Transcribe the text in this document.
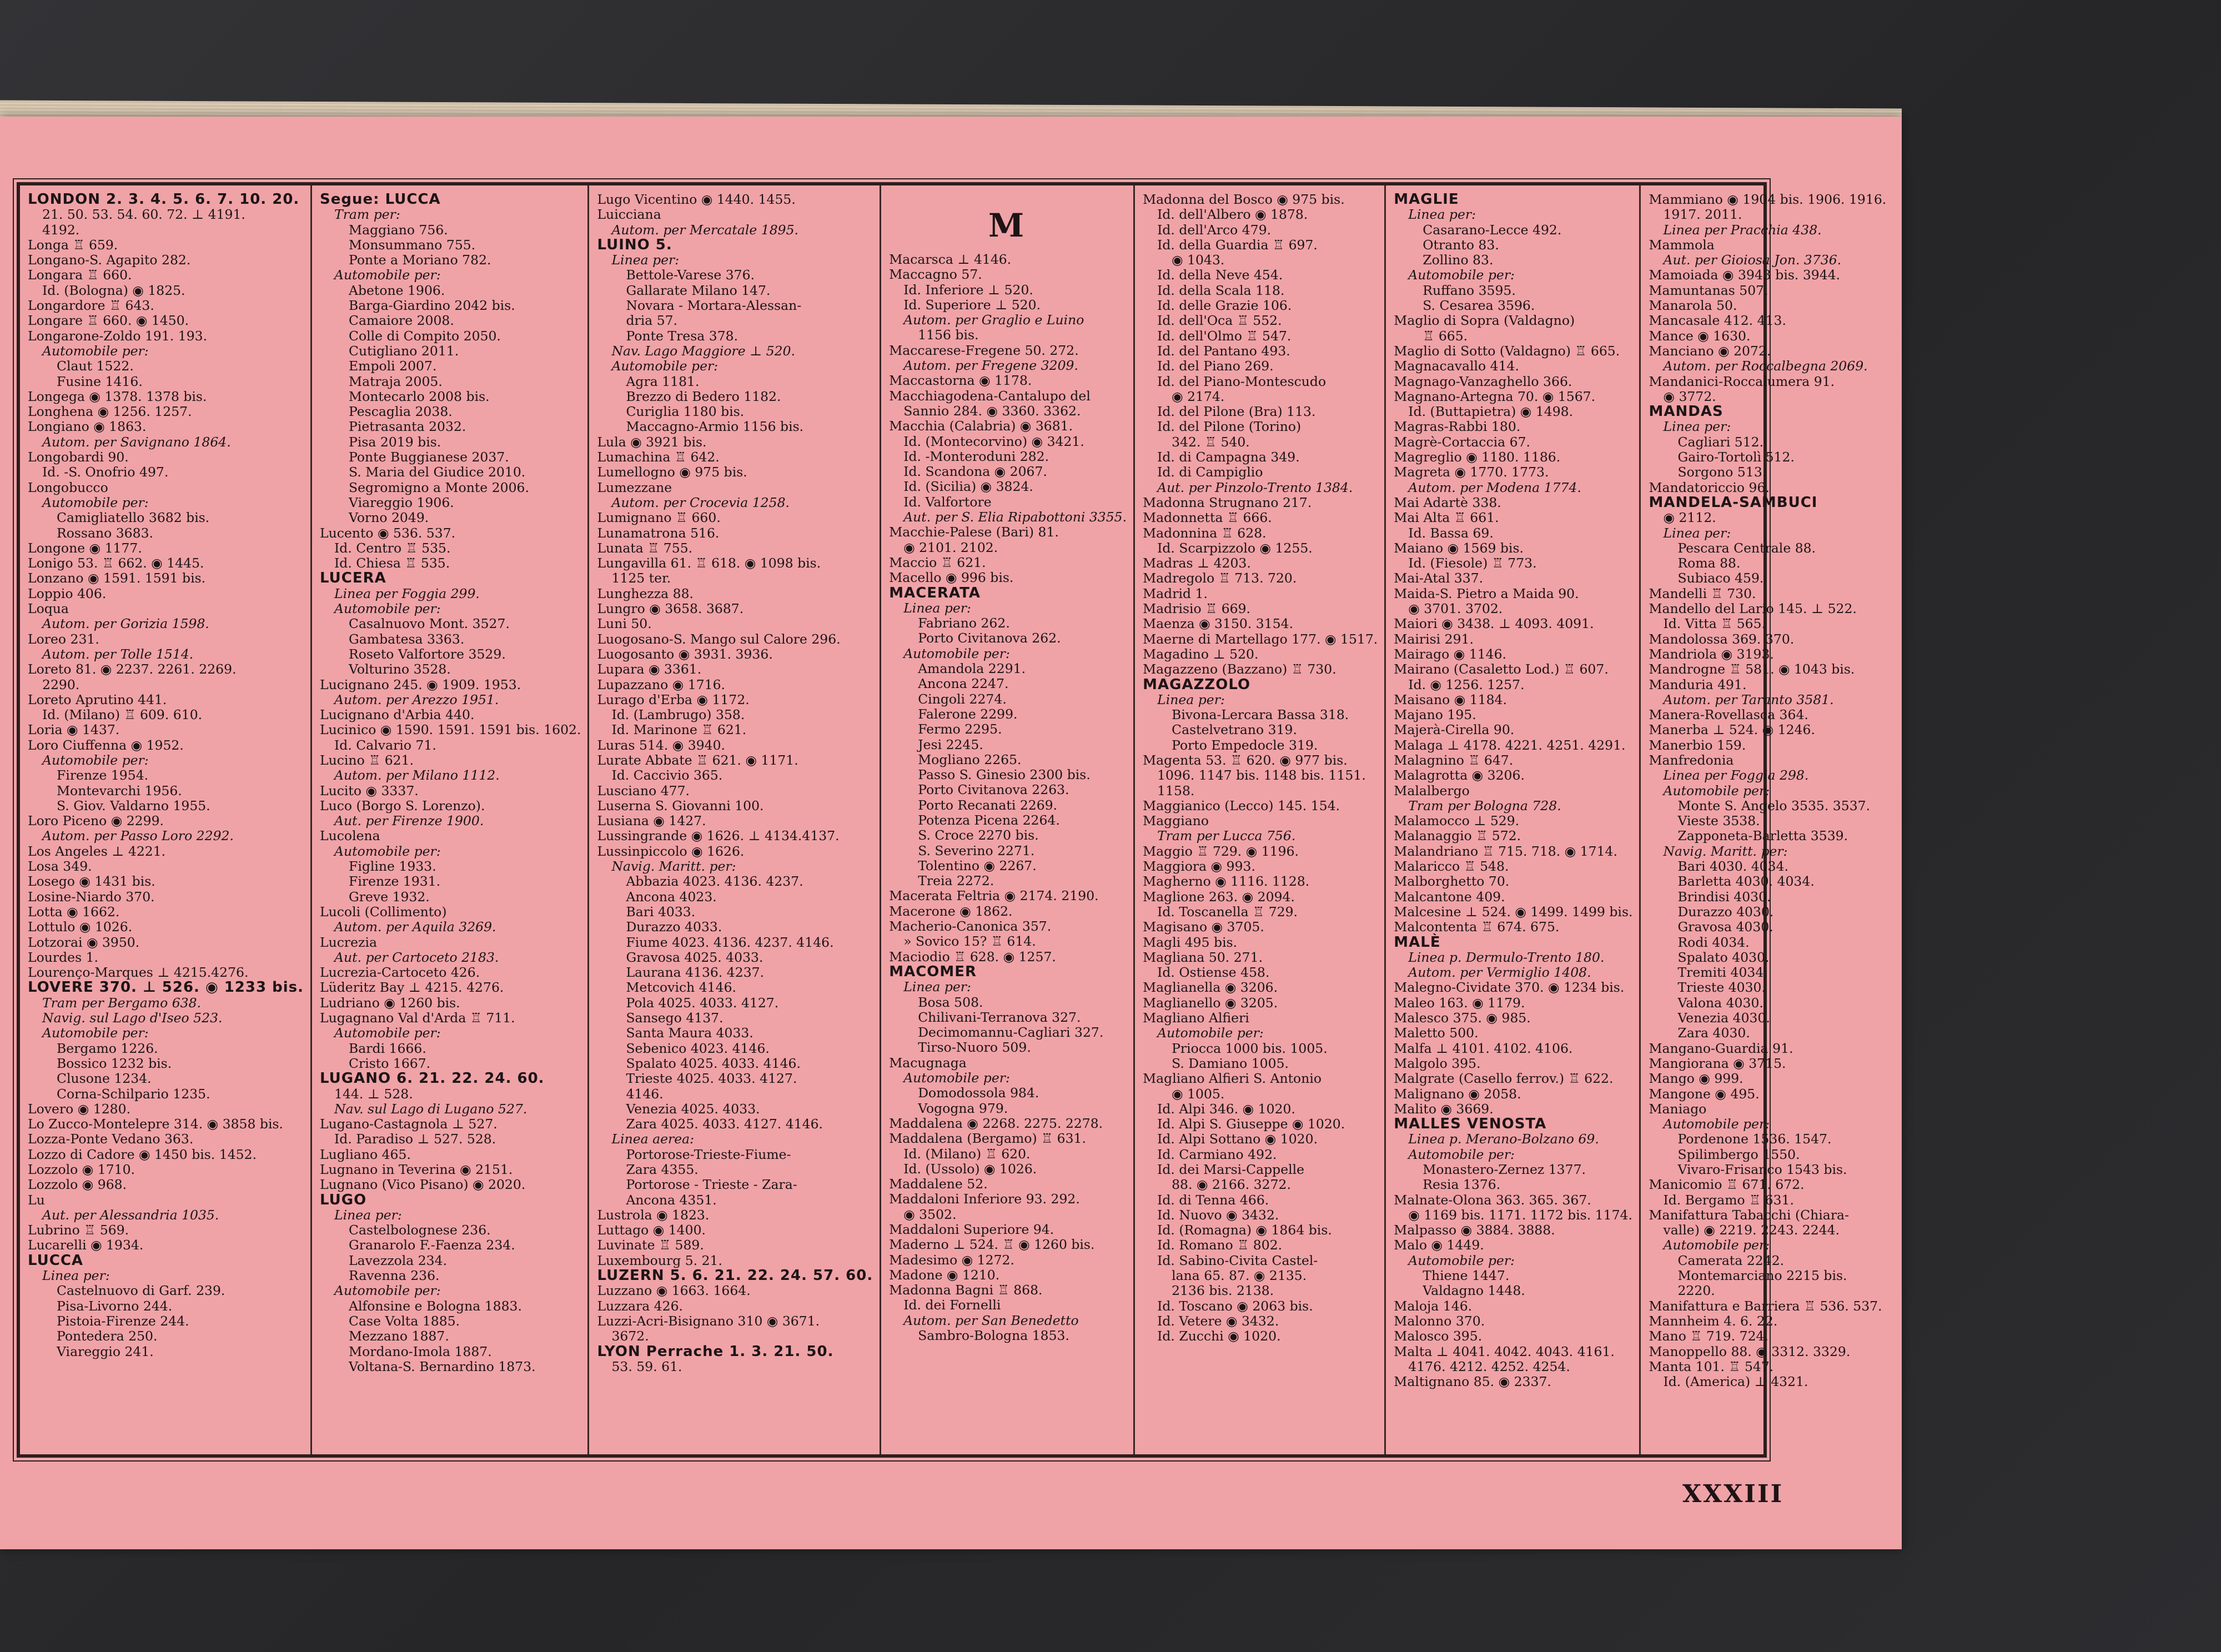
LONDON 2. 3. 4. 5. 6. 7. 10. 20.
21. 50. 53. 54. 60. 72. ⊥ 4191.
4192.
Longa ♖ 659.
Longano-S. Agapito 282.
Longara ♖ 660.
Id. (Bologna) ◉ 1825.
Longardore ♖ 643.
Longare ♖ 660. ◉ 1450.
Longarone-Zoldo 191. 193.
Automobile per:
Claut 1522.
Fusine 1416.
Longega ◉ 1378. 1378 bis.
Longhena ◉ 1256. 1257.
Longiano ◉ 1863.
Autom. per Savignano 1864.
Longobardi 90.
Id. -S. Onofrio 497.
Longobucco
Automobile per:
Camigliatello 3682 bis.
Rossano 3683.
Longone ◉ 1177.
Lonigo 53. ♖ 662. ◉ 1445.
Lonzano ◉ 1591. 1591 bis.
Loppio 406.
Loqua
Autom. per Gorizia 1598.
Loreo 231.
Autom. per Tolle 1514.
Loreto 81. ◉ 2237. 2261. 2269.
2290.
Loreto Aprutino 441.
Id. (Milano) ♖ 609. 610.
Loria ◉ 1437.
Loro Ciuffenna ◉ 1952.
Automobile per:
Firenze 1954.
Montevarchi 1956.
S. Giov. Valdarno 1955.
Loro Piceno ◉ 2299.
Autom. per Passo Loro 2292.
Los Angeles ⊥ 4221.
Losa 349.
Losego ◉ 1431 bis.
Losine-Niardo 370.
Lotta ◉ 1662.
Lottulo ◉ 1026.
Lotzorai ◉ 3950.
Lourdes 1.
Lourenço-Marques ⊥ 4215.4276.
LOVERE 370. ⊥ 526. ◉ 1233 bis.
Tram per Bergamo 638.
Navig. sul Lago d'Iseo 523.
Automobile per:
Bergamo 1226.
Bossico 1232 bis.
Clusone 1234.
Corna-Schilpario 1235.
Lovero ◉ 1280.
Lo Zucco-Montelepre 314. ◉ 3858 bis.
Lozza-Ponte Vedano 363.
Lozzo di Cadore ◉ 1450 bis. 1452.
Lozzolo ◉ 1710.
Lozzolo ◉ 968.
Lu
Aut. per Alessandria 1035.
Lubrino ♖ 569.
Lucarelli ◉ 1934.
LUCCA
Linea per:
Castelnuovo di Garf. 239.
Pisa-Livorno 244.
Pistoia-Firenze 244.
Pontedera 250.
Viareggio 241.
Segue: LUCCA
Tram per:
Maggiano 756.
Monsummano 755.
Ponte a Moriano 782.
Automobile per:
Abetone 1906.
Barga-Giardino 2042 bis.
Camaiore 2008.
Colle di Compito 2050.
Cutigliano 2011.
Empoli 2007.
Matraja 2005.
Montecarlo 2008 bis.
Pescaglia 2038.
Pietrasanta 2032.
Pisa 2019 bis.
Ponte Buggianese 2037.
S. Maria del Giudice 2010.
Segromigno a Monte 2006.
Viareggio 1906.
Vorno 2049.
Lucento ◉ 536. 537.
Id. Centro ♖ 535.
Id. Chiesa ♖ 535.
LUCERA
Linea per Foggia 299.
Automobile per:
Casalnuovo Mont. 3527.
Gambatesa 3363.
Roseto Valfortore 3529.
Volturino 3528.
Lucignano 245. ◉ 1909. 1953.
Autom. per Arezzo 1951.
Lucignano d'Arbia 440.
Lucinico ◉ 1590. 1591. 1591 bis. 1602.
Id. Calvario 71.
Lucino ♖ 621.
Autom. per Milano 1112.
Lucito ◉ 3337.
Luco (Borgo S. Lorenzo).
Aut. per Firenze 1900.
Lucolena
Automobile per:
Figline 1933.
Firenze 1931.
Greve 1932.
Lucoli (Collimento)
Autom. per Aquila 3269.
Lucrezia
Aut. per Cartoceto 2183.
Lucrezia-Cartoceto 426.
Lüderitz Bay ⊥ 4215. 4276.
Ludriano ◉ 1260 bis.
Lugagnano Val d'Arda ♖ 711.
Automobile per:
Bardi 1666.
Cristo 1667.
LUGANO 6. 21. 22. 24. 60.
144. ⊥ 528.
Nav. sul Lago di Lugano 527.
Lugano-Castagnola ⊥ 527.
Id. Paradiso ⊥ 527. 528.
Lugliano 465.
Lugnano in Teverina ◉ 2151.
Lugnano (Vico Pisano) ◉ 2020.
LUGO
Linea per:
Castelbolognese 236.
Granarolo F.-Faenza 234.
Lavezzola 234.
Ravenna 236.
Automobile per:
Alfonsine e Bologna 1883.
Case Volta 1885.
Mezzano 1887.
Mordano-Imola 1887.
Voltana-S. Bernardino 1873.
Lugo Vicentino ◉ 1440. 1455.
Luicciana
Autom. per Mercatale 1895.
LUINO 5.
Linea per:
Bettole-Varese 376.
Gallarate Milano 147.
Novara - Mortara-Alessan-
dria 57.
Ponte Tresa 378.
Nav. Lago Maggiore ⊥ 520.
Automobile per:
Agra 1181.
Brezzo di Bedero 1182.
Curiglia 1180 bis.
Maccagno-Armio 1156 bis.
Lula ◉ 3921 bis.
Lumachina ♖ 642.
Lumellogno ◉ 975 bis.
Lumezzane
Autom. per Crocevia 1258.
Lumignano ♖ 660.
Lunamatrona 516.
Lunata ♖ 755.
Lungavilla 61. ♖ 618. ◉ 1098 bis.
1125 ter.
Lunghezza 88.
Lungro ◉ 3658. 3687.
Luni 50.
Luogosano-S. Mango sul Calore 296.
Luogosanto ◉ 3931. 3936.
Lupara ◉ 3361.
Lupazzano ◉ 1716.
Lurago d'Erba ◉ 1172.
Id. (Lambrugo) 358.
Id. Marinone ♖ 621.
Luras 514. ◉ 3940.
Lurate Abbate ♖ 621. ◉ 1171.
Id. Caccivio 365.
Lusciano 477.
Luserna S. Giovanni 100.
Lusiana ◉ 1427.
Lussingrande ◉ 1626. ⊥ 4134.4137.
Lussinpiccolo ◉ 1626.
Navig. Maritt. per:
Abbazia 4023. 4136. 4237.
Ancona 4023.
Bari 4033.
Durazzo 4033.
Fiume 4023. 4136. 4237. 4146.
Gravosa 4025. 4033.
Laurana 4136. 4237.
Metcovich 4146.
Pola 4025. 4033. 4127.
Sansego 4137.
Santa Maura 4033.
Sebenico 4023. 4146.
Spalato 4025. 4033. 4146.
Trieste 4025. 4033. 4127.
4146.
Venezia 4025. 4033.
Zara 4025. 4033. 4127. 4146.
Linea aerea:
Portorose-Trieste-Fiume-
Zara 4355.
Portorose - Trieste - Zara-
Ancona 4351.
Lustrola ◉ 1823.
Luttago ◉ 1400.
Luvinate ♖ 589.
Luxembourg 5. 21.
LUZERN 5. 6. 21. 22. 24. 57. 60.
Luzzano ◉ 1663. 1664.
Luzzara 426.
Luzzi-Acri-Bisignano 310 ◉ 3671.
3672.
LYON Perrache 1. 3. 21. 50.
53. 59. 61.
M
Macarsca ⊥ 4146.
Maccagno 57.
Id. Inferiore ⊥ 520.
Id. Superiore ⊥ 520.
Autom. per Graglio e Luino
1156 bis.
Maccarese-Fregene 50. 272.
Autom. per Fregene 3209.
Maccastorna ◉ 1178.
Macchiagodena-Cantalupo del
Sannio 284. ◉ 3360. 3362.
Macchia (Calabria) ◉ 3681.
Id. (Montecorvino) ◉ 3421.
Id. -Monteroduni 282.
Id. Scandona ◉ 2067.
Id. (Sicilia) ◉ 3824.
Id. Valfortore
Aut. per S. Elia Ripabottoni 3355.
Macchie-Palese (Bari) 81.
◉ 2101. 2102.
Maccio ♖ 621.
Macello ◉ 996 bis.
MACERATA
Linea per:
Fabriano 262.
Porto Civitanova 262.
Automobile per:
Amandola 2291.
Ancona 2247.
Cingoli 2274.
Falerone 2299.
Fermo 2295.
Jesi 2245.
Mogliano 2265.
Passo S. Ginesio 2300 bis.
Porto Civitanova 2263.
Porto Recanati 2269.
Potenza Picena 2264.
S. Croce 2270 bis.
S. Severino 2271.
Tolentino ◉ 2267.
Treia 2272.
Macerata Feltria ◉ 2174. 2190.
Macerone ◉ 1862.
Macherio-Canonica 357.
» Sovico 15? ♖ 614.
Maciodio ♖ 628. ◉ 1257.
MACOMER
Linea per:
Bosa 508.
Chilivani-Terranova 327.
Decimomannu-Cagliari 327.
Tirso-Nuoro 509.
Macugnaga
Automobile per:
Domodossola 984.
Vogogna 979.
Maddalena ◉ 2268. 2275. 2278.
Maddalena (Bergamo) ♖ 631.
Id. (Milano) ♖ 620.
Id. (Ussolo) ◉ 1026.
Maddalene 52.
Maddaloni Inferiore 93. 292.
◉ 3502.
Maddaloni Superiore 94.
Maderno ⊥ 524. ♖ ◉ 1260 bis.
Madesimo ◉ 1272.
Madone ◉ 1210.
Madonna Bagni ♖ 868.
Id. dei Fornelli
Autom. per San Benedetto
Sambro-Bologna 1853.
Madonna del Bosco ◉ 975 bis.
Id. dell'Albero ◉ 1878.
Id. dell'Arco 479.
Id. della Guardia ♖ 697.
◉ 1043.
Id. della Neve 454.
Id. della Scala 118.
Id. delle Grazie 106.
Id. dell'Oca ♖ 552.
Id. dell'Olmo ♖ 547.
Id. del Pantano 493.
Id. del Piano 269.
Id. del Piano-Montescudo
◉ 2174.
Id. del Pilone (Bra) 113.
Id. del Pilone (Torino)
342. ♖ 540.
Id. di Campagna 349.
Id. di Campiglio
Aut. per Pinzolo-Trento 1384.
Madonna Strugnano 217.
Madonnetta ♖ 666.
Madonnina ♖ 628.
Id. Scarpizzolo ◉ 1255.
Madras ⊥ 4203.
Madregolo ♖ 713. 720.
Madrid 1.
Madrisio ♖ 669.
Maenza ◉ 3150. 3154.
Maerne di Martellago 177. ◉ 1517.
Magadino ⊥ 520.
Magazzeno (Bazzano) ♖ 730.
MAGAZZOLO
Linea per:
Bivona-Lercara Bassa 318.
Castelvetrano 319.
Porto Empedocle 319.
Magenta 53. ♖ 620. ◉ 977 bis.
1096. 1147 bis. 1148 bis. 1151.
1158.
Maggianico (Lecco) 145. 154.
Maggiano
Tram per Lucca 756.
Maggio ♖ 729. ◉ 1196.
Maggiora ◉ 993.
Magherno ◉ 1116. 1128.
Maglione 263. ◉ 2094.
Id. Toscanella ♖ 729.
Magisano ◉ 3705.
Magli 495 bis.
Magliana 50. 271.
Id. Ostiense 458.
Maglianella ◉ 3206.
Maglianello ◉ 3205.
Magliano Alfieri
Automobile per:
Priocca 1000 bis. 1005.
S. Damiano 1005.
Magliano Alfieri S. Antonio
◉ 1005.
Id. Alpi 346. ◉ 1020.
Id. Alpi S. Giuseppe ◉ 1020.
Id. Alpi Sottano ◉ 1020.
Id. Carmiano 492.
Id. dei Marsi-Cappelle
88. ◉ 2166. 3272.
Id. di Tenna 466.
Id. Nuovo ◉ 3432.
Id. (Romagna) ◉ 1864 bis.
Id. Romano ♖ 802.
Id. Sabino-Civita Castel-
lana 65. 87. ◉ 2135.
2136 bis. 2138.
Id. Toscano ◉ 2063 bis.
Id. Vetere ◉ 3432.
Id. Zucchi ◉ 1020.
MAGLIE
Linea per:
Casarano-Lecce 492.
Otranto 83.
Zollino 83.
Automobile per:
Ruffano 3595.
S. Cesarea 3596.
Maglio di Sopra (Valdagno)
♖ 665.
Maglio di Sotto (Valdagno) ♖ 665.
Magnacavallo 414.
Magnago-Vanzaghello 366.
Magnano-Artegna 70. ◉ 1567.
Id. (Buttapietra) ◉ 1498.
Magras-Rabbi 180.
Magrè-Cortaccia 67.
Magreglio ◉ 1180. 1186.
Magreta ◉ 1770. 1773.
Autom. per Modena 1774.
Mai Adartè 338.
Mai Alta ♖ 661.
Id. Bassa 69.
Maiano ◉ 1569 bis.
Id. (Fiesole) ♖ 773.
Mai-Atal 337.
Maida-S. Pietro a Maida 90.
◉ 3701. 3702.
Maiori ◉ 3438. ⊥ 4093. 4091.
Mairisi 291.
Mairago ◉ 1146.
Mairano (Casaletto Lod.) ♖ 607.
Id. ◉ 1256. 1257.
Maisano ◉ 1184.
Majano 195.
Majerà-Cirella 90.
Malaga ⊥ 4178. 4221. 4251. 4291.
Malagnino ♖ 647.
Malagrotta ◉ 3206.
Malalbergo
Tram per Bologna 728.
Malamocco ⊥ 529.
Malanaggio ♖ 572.
Malandriano ♖ 715. 718. ◉ 1714.
Malaricco ♖ 548.
Malborghetto 70.
Malcantone 409.
Malcesine ⊥ 524. ◉ 1499. 1499 bis.
Malcontenta ♖ 674. 675.
MALÈ
Linea p. Dermulo-Trento 180.
Autom. per Vermiglio 1408.
Malegno-Cividate 370. ◉ 1234 bis.
Maleo 163. ◉ 1179.
Malesco 375. ◉ 985.
Maletto 500.
Malfa ⊥ 4101. 4102. 4106.
Malgolo 395.
Malgrate (Casello ferrov.) ♖ 622.
Malignano ◉ 2058.
Malito ◉ 3669.
MALLES VENOSTA
Linea p. Merano-Bolzano 69.
Automobile per:
Monastero-Zernez 1377.
Resia 1376.
Malnate-Olona 363. 365. 367.
◉ 1169 bis. 1171. 1172 bis. 1174.
Malpasso ◉ 3884. 3888.
Malo ◉ 1449.
Automobile per:
Thiene 1447.
Valdagno 1448.
Maloja 146.
Malonno 370.
Malosco 395.
Malta ⊥ 4041. 4042. 4043. 4161.
4176. 4212. 4252. 4254.
Maltignano 85. ◉ 2337.
Mammiano ◉ 1904 bis. 1906. 1916.
1917. 2011.
Linea per Pracchia 438.
Mammola
Aut. per Gioiosa Jon. 3736.
Mamoiada ◉ 3943 bis. 3944.
Mamuntanas 507.
Manarola 50.
Mancasale 412. 413.
Mance ◉ 1630.
Manciano ◉ 2072.
Autom. per Roccalbegna 2069.
Mandanici-Roccalumera 91.
◉ 3772.
MANDAS
Linea per:
Cagliari 512.
Gairo-Tortolì 512.
Sorgono 513.
Mandatoriccio 96.
MANDELA-SAMBUCI
◉ 2112.
Linea per:
Pescara Centrale 88.
Roma 88.
Subiaco 459.
Mandelli ♖ 730.
Mandello del Lario 145. ⊥ 522.
Id. Vitta ♖ 565.
Mandolossa 369. 370.
Mandriola ◉ 3193.
Mandrogne ♖ 581. ◉ 1043 bis.
Manduria 491.
Autom. per Taranto 3581.
Manera-Rovellasca 364.
Manerba ⊥ 524. ◉ 1246.
Manerbio 159.
Manfredonia
Linea per Foggia 298.
Automobile per:
Monte S. Angelo 3535. 3537.
Vieste 3538.
Zapponeta-Barletta 3539.
Navig. Maritt. per:
Bari 4030. 4034.
Barletta 4030. 4034.
Brindisi 4030.
Durazzo 4030.
Gravosa 4030.
Rodi 4034.
Spalato 4030.
Tremiti 4034.
Trieste 4030.
Valona 4030.
Venezia 4030.
Zara 4030.
Mangano-Guardia 91.
Mangiorana ◉ 3715.
Mango ◉ 999.
Mangone ◉ 495.
Maniago
Automobile per:
Pordenone 1536. 1547.
Spilimbergo 1550.
Vivaro-Frisanco 1543 bis.
Manicomio ♖ 671. 672.
Id. Bergamo ♖ 631.
Manifattura Tabacchi (Chiara-
valle) ◉ 2219. 2243. 2244.
Automobile per:
Camerata 2242.
Montemarciano 2215 bis.
2220.
Manifattura e Barriera ♖ 536. 537.
Mannheim 4. 6. 22.
Mano ♖ 719. 724.
Manoppello 88. ◉ 3312. 3329.
Manta 101. ♖ 547.
Id. (America) ⊥ 4321.
XXXIII
